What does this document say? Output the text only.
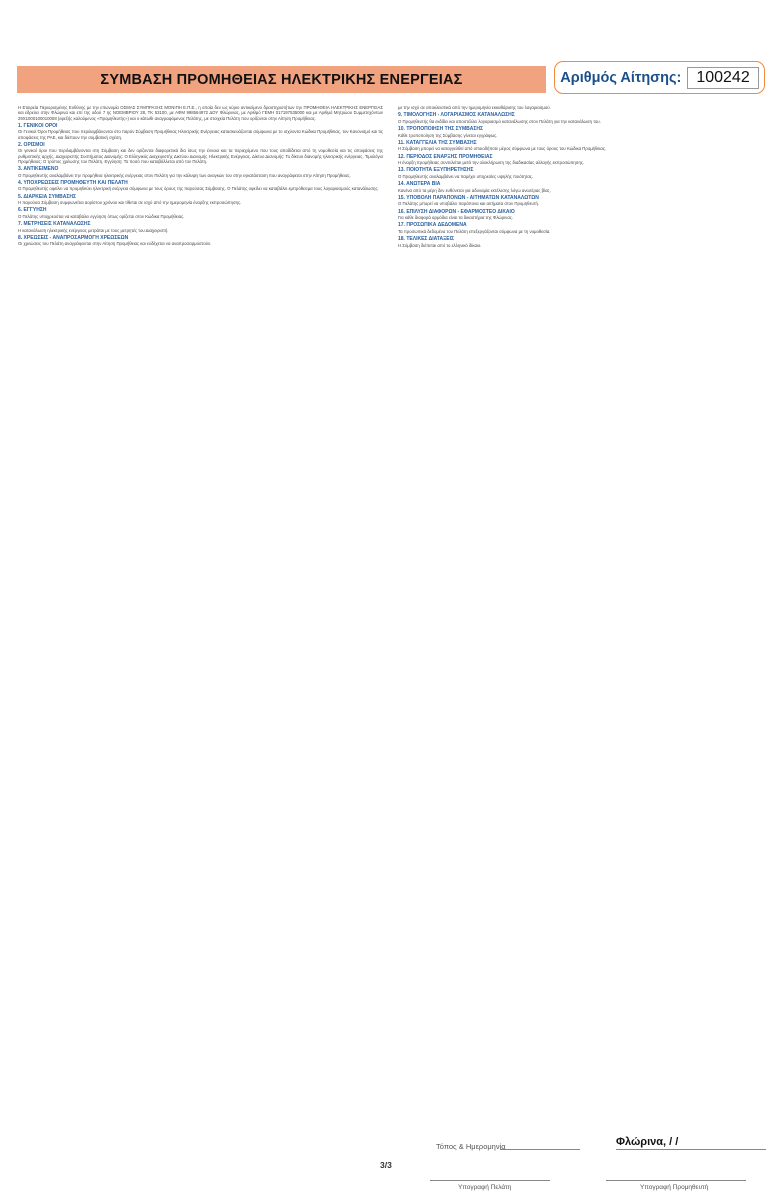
ΣΥΜΒΑΣΗ ΠΡΟΜΗΘΕΙΑΣ ΗΛΕΚΤΡΙΚΗΣ ΕΝΕΡΓΕΙΑΣ	Αριθμός Αίτησης: 100242

Η Εταιρεία Περιορισμένης Ευθύνης με την επωνυμία ΟΣΜΑΣ ΣΥΜΠΡΑΞΗΣ ΜΟΝΙΠΗ Ε.Π.Ε., η οποία δεν ως κύριο αντικείμενο δραστηριοτήτων την ΠΡΟΜΗΘΕΙΑ ΗΛΕΚΤΡΙΚΗΣ ΕΝΕΡΓΕΙΑΣ και εδρεύει στην Φλώρινα και επί της οδού 7 ης ΝΟΕΜΒΡΙΟΥ 28, ΤΚ 53100, με ΑΦΜ 998564972 ΔΟΥ Φλώρινας, με Αριθμό ΓΕΜΗ 017197535000 και με Αριθμό Μητρώου Συμμετεχόντων 29X1000100010008 (εφεξής καλούμενος «Προμηθευτής») και ο κάτωθι αναγραφόμενος Πελάτης, με στοιχεία Πελάτη που ορίζονται στην Αίτηση Προμήθειας.

1. ΓΕΝΙΚΟΙ ΟΡΟΙ

Οι Γενικοί Όροι Προμήθειας που περιλαμβάνονται στο παρόν Σύμβαση Προμήθειας Ηλεκτρικής Ενέργειας κατασκευάζονται σύμφωνα με το ισχύοντα Κώδικα Προμήθειας, τον Κανονισμό και τις αποφάσεις της ΡΑΕ, και διέπουν την συμβατική σχέση.

2. ΟΡΙΣΜΟΙ

Οι γενικοί όροι που περιλαμβάνονται στη Σύμβαση και δεν ορίζονται διαφορετικά δια ίσως την έννοια και τα περιεχόμενο που τους αποδίδεται από τη νομοθεσία και τις αποφάσεις της ρυθμιστικής αρχής. Διαχειριστής Συστήματος Διανομής: Ο Ελληνικός Διαχειριστής Δικτύου Διανομής Ηλεκτρικής Ενέργειας. Δίκτυο Διανομής: Το δίκτυο διανομής ηλεκτρικής ενέργειας. Τιμολόγιο Προμήθειας: Ο τρόπος χρέωσης του Πελάτη. Εγγύηση: Το ποσό που καταβάλλεται από τον Πελάτη.

3. ΑΝΤΙΚΕΙΜΕΝΟ

Ο Προμηθευτής αναλαμβάνει την προμήθεια ηλεκτρικής ενέργειας στον Πελάτη για την κάλυψη των αναγκών του στην εγκατάσταση που αναγράφεται στην Αίτηση Προμήθειας.

4. ΥΠΟΧΡΕΩΣΕΙΣ ΠΡΟΜΗΘΕΥΤΗ ΚΑΙ ΠΕΛΑΤΗ

Ο Προμηθευτής οφείλει να προμηθεύει ηλεκτρική ενέργεια σύμφωνα με τους όρους της παρούσας Σύμβασης. Ο Πελάτης οφείλει να καταβάλει εμπρόθεσμα τους λογαριασμούς κατανάλωσης.

5. ΔΙΑΡΚΕΙΑ ΣΥΜΒΑΣΗΣ

Η παρούσα Σύμβαση συμφωνείται αορίστου χρόνου και τίθεται σε ισχύ από την ημερομηνία έναρξης εκπροσώπησης.

6. ΕΓΓΥΗΣΗ

Ο Πελάτης υποχρεούται να καταβάλει εγγύηση όπως ορίζεται στον Κώδικα Προμήθειας.

7. ΜΕΤΡΗΣΕΙΣ ΚΑΤΑΝΑΛΩΣΗΣ

Η κατανάλωση ηλεκτρικής ενέργειας μετράται με τους μετρητές του Διαχειριστή.

8. ΧΡΕΩΣΕΙΣ - ΑΝΑΠΡΟΣΑΡΜΟΓΗ ΧΡΕΩΣΕΩΝ

Οι χρεώσεις του Πελάτη αναγράφονται στην Αίτηση Προμήθειας και ενδέχεται να αναπροσαρμοστούν.

με την ισχύ σε αποκλειστικά από την ημερομηνία εκκαθάρισης του λογαριασμού.

9. ΤΙΜΟΛΟΓΗΣΗ - ΛΟΓΑΡΙΑΣΜΟΣ ΚΑΤΑΝΑΛΩΣΗΣ

Ο Προμηθευτής θα εκδίδει και αποστέλλει λογαριασμό κατανάλωσης στον Πελάτη για την κατανάλωση του.

10. ΤΡΟΠΟΠΟΙΗΣΗ ΤΗΣ ΣΥΜΒΑΣΗΣ

Κάθε τροποποίηση της Σύμβασης γίνεται εγγράφως.

11. ΚΑΤΑΓΓΕΛΙΑ ΤΗΣ ΣΥΜΒΑΣΗΣ

Η Σύμβαση μπορεί να καταγγελθεί από οποιοδήποτε μέρος σύμφωνα με τους όρους του Κώδικα Προμήθειας.

12. ΠΕΡΙΟΔΟΣ ΕΝΑΡΞΗΣ ΠΡΟΜΗΘΕΙΑΣ

Η έναρξη προμήθειας συντελείται μετά την ολοκλήρωση της διαδικασίας αλλαγής εκπροσώπησης.

13. ΠΟΙΟΤΗΤΑ ΕΞΥΠΗΡΕΤΗΣΗΣ

Ο Προμηθευτής αναλαμβάνει να παρέχει υπηρεσίες υψηλής ποιότητας.

14. ΑΝΩΤΕΡΑ ΒΙΑ

Κανένα από τα μέρη δεν ευθύνεται για αδυναμία εκτέλεσης λόγω ανωτέρας βίας.

15. ΥΠΟΒΟΛΗ ΠΑΡΑΠΟΝΩΝ - ΑΙΤΗΜΑΤΩΝ ΚΑΤΑΝΑΛΩΤΩΝ

Ο Πελάτης μπορεί να υποβάλει παράπονα και αιτήματα στον Προμηθευτή.

16. ΕΠΙΛΥΣΗ ΔΙΑΦΟΡΩΝ - ΕΦΑΡΜΟΣΤΕΟ ΔΙΚΑΙΟ

Για κάθε διαφορά αρμόδια είναι τα δικαστήρια της Φλώρινας.

17. ΠΡΟΣΩΠΙΚΑ ΔΕΔΟΜΕΝΑ

Τα προσωπικά δεδομένα του Πελάτη επεξεργάζονται σύμφωνα με τη νομοθεσία.

18. ΤΕΛΙΚΕΣ ΔΙΑΤΑΞΕΙΣ

Η Σύμβαση διέπεται από το ελληνικό δίκαιο.

Τόπος & Ημερομηνία	Φλώρινα, / /
3/3
Υπογραφή Πελάτη	Υπογραφή Προμηθευτή
